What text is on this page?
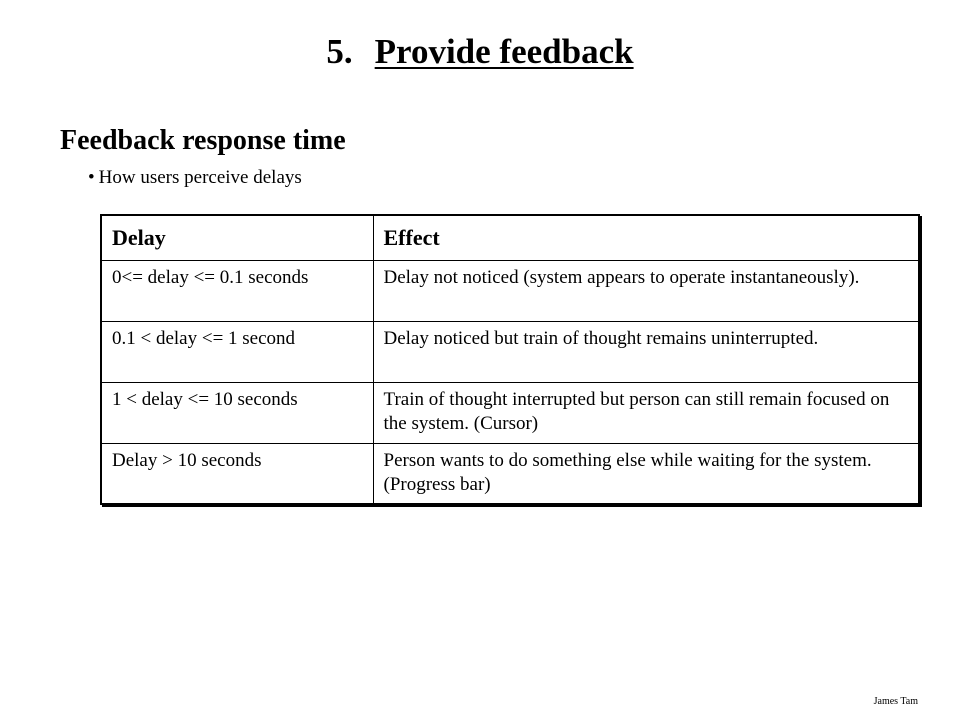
5. Provide feedback
Feedback response time
• How users perceive delays
Delay	Effect
0<= delay <= 0.1 seconds	Delay not noticed (system appears to operate instantaneously).
0.1 < delay <= 1 second	Delay noticed but train of thought remains uninterrupted.
1 < delay <= 10 seconds	Train of thought interrupted but person can still remain focused on the system. (Cursor)
Delay > 10 seconds	Person wants to do something else while waiting for the system. (Progress bar)
James Tam
